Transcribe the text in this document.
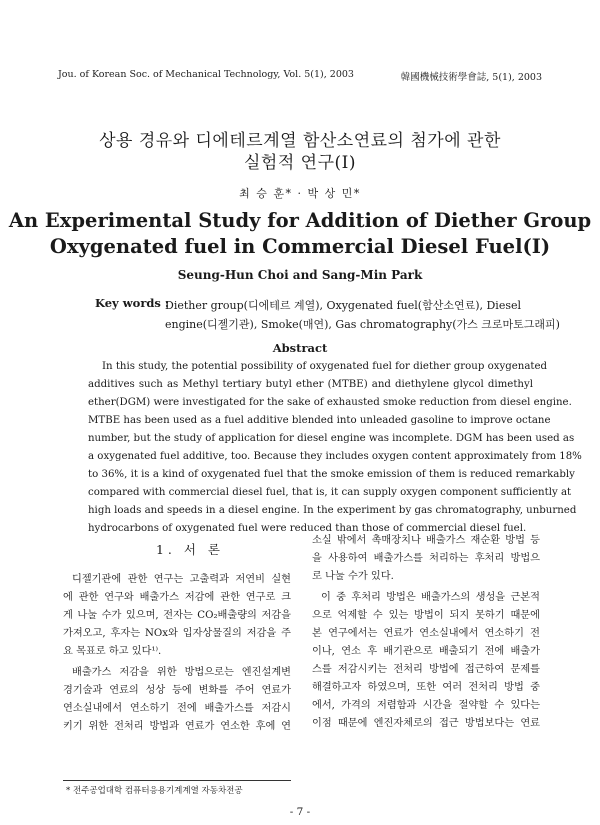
Jou. of Korean Soc. of Mechanical Technology, Vol. 5(1), 2003	韓國機械技術學會誌, 5(1), 2003
상용 경유와 디에테르계열 함산소연료의 첨가에 관한
실험적 연구(Ⅰ)
최 승 훈* · 박 상 민*
An Experimental Study for Addition of Diether Group
Oxygenated fuel in Commercial Diesel Fuel(Ⅰ)
Seung-Hun Choi and Sang-Min Park
Key words :
Diether group(디에테르 계열), Oxygenated fuel(함산소연료), Diesel
engine(디젤기관), Smoke(매연), Gas chromatography(가스 크로마토그래피)
Abstract
In this study, the potential possibility of oxygenated fuel for diether group oxygenated
additives such as Methyl tertiary butyl ether (MTBE) and diethylene glycol dimethyl
ether(DGM) were investigated for the sake of exhausted smoke reduction from diesel engine.
MTBE has been used as a fuel additive blended into unleaded gasoline to improve octane
number, but the study of application for diesel engine was incomplete. DGM has been used as
a oxygenated fuel additive, too. Because they includes oxygen content approximately from 18%
to 36%, it is a kind of oxygenated fuel that the smoke emission of them is reduced remarkably
compared with commercial diesel fuel, that is, it can supply oxygen component sufficiently at
high loads and speeds in a diesel engine. In the experiment by gas chromatography, unburned
hydrocarbons of oxygenated fuel were reduced than those of commercial diesel fuel.
1. 서 론
디젤기관에 관한 연구는 고출력과 저연비 실현
에 관한 연구와 배출가스 저감에 관한 연구로 크
게 나눌 수가 있으며, 전자는 CO₂배출량의 저감을
가져오고, 후자는 NOx와 입자상물질의 저감을 주
요 목표로 하고 있다¹⁾.
배출가스 저감을 위한 방법으로는 엔진설계변
경기술과 연료의 성상 등에 변화를 주어 연료가
연소실내에서 연소하기 전에 배출가스를 저감시
키기 위한 전처리 방법과 연료가 연소한 후에 연
소실 밖에서 촉매장치나 배출가스 재순환 방법 등
을 사용하여 배출가스를 처리하는 후처리 방법으
로 나눌 수가 있다.
이 중 후처리 방법은 배출가스의 생성을 근본적
으로 억제할 수 있는 방법이 되지 못하기 때문에
본 연구에서는 연료가 연소실내에서 연소하기 전
이나, 연소 후 배기관으로 배출되기 전에 배출가
스를 저감시키는 전처리 방법에 접근하여 문제를
해결하고자 하였으며, 또한 여러 전처리 방법 중
에서, 가격의 저렴함과 시간을 절약할 수 있다는
이점 때문에 엔진자체로의 접근 방법보다는 연료
* 전주공업대학 컴퓨터응용기계계열 자동차전공
- 7 -
